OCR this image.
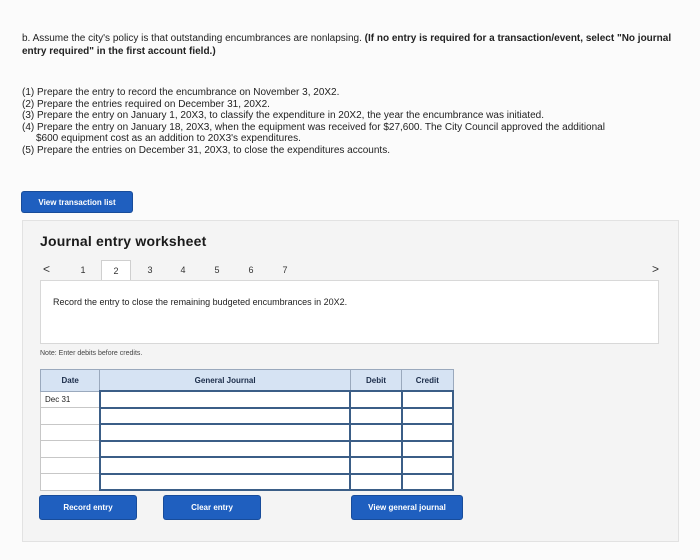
b. Assume the city's policy is that outstanding encumbrances are nonlapsing. (If no entry is required for a transaction/event, select "No journal entry required" in the first account field.)
(1) Prepare the entry to record the encumbrance on November 3, 20X2.
(2) Prepare the entries required on December 31, 20X2.
(3) Prepare the entry on January 1, 20X3, to classify the expenditure in 20X2, the year the encumbrance was initiated.
(4) Prepare the entry on January 18, 20X3, when the equipment was received for $27,600. The City Council approved the additional
$600 equipment cost as an addition to 20X3's expenditures.
(5) Prepare the entries on December 31, 20X3, to close the expenditures accounts.
View transaction list
Journal entry worksheet
<	>
1	2	3	4	5	6	7
Record the entry to close the remaining budgeted encumbrances in 20X2.
Note: Enter debits before credits.
Date	General Journal	Debit	Credit
Dec 31			

Record entry	Clear entry	View general journal
